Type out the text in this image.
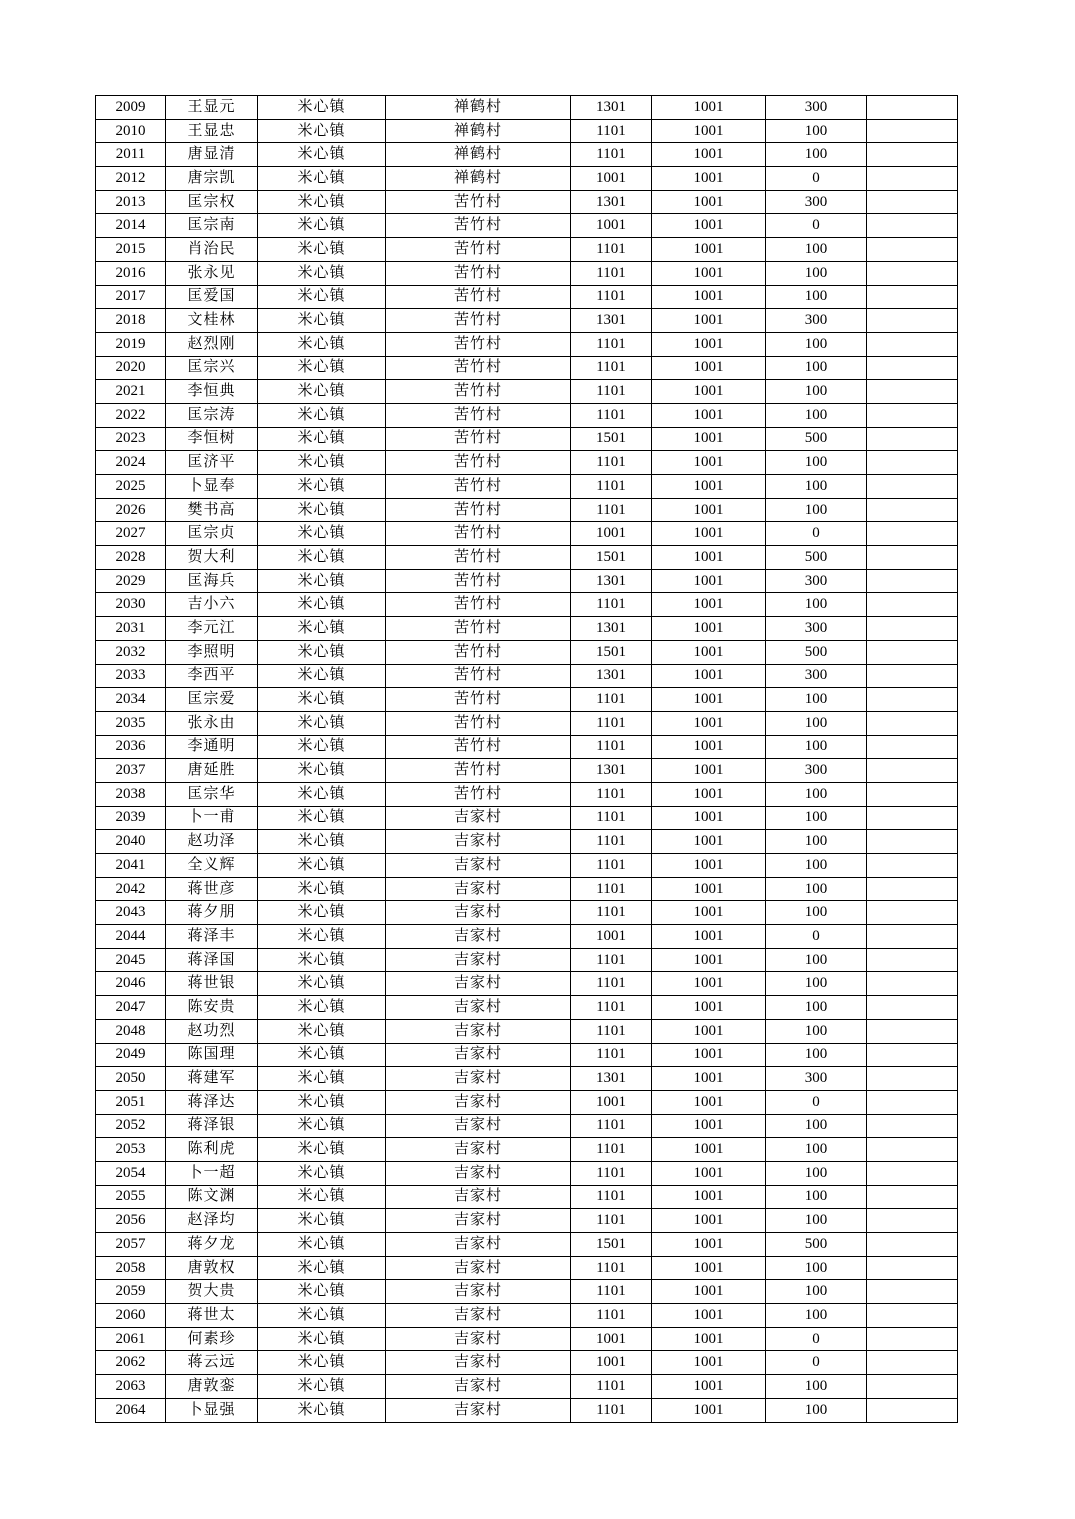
2009	王显元	米心镇	禅鹤村	1301	1001	300	
2010	王显忠	米心镇	禅鹤村	1101	1001	100	
2011	唐显清	米心镇	禅鹤村	1101	1001	100	
2012	唐宗凯	米心镇	禅鹤村	1001	1001	0	
2013	匡宗权	米心镇	苦竹村	1301	1001	300	
2014	匡宗南	米心镇	苦竹村	1001	1001	0	
2015	肖治民	米心镇	苦竹村	1101	1001	100	
2016	张永见	米心镇	苦竹村	1101	1001	100	
2017	匡爱国	米心镇	苦竹村	1101	1001	100	
2018	文桂林	米心镇	苦竹村	1301	1001	300	
2019	赵烈刚	米心镇	苦竹村	1101	1001	100	
2020	匡宗兴	米心镇	苦竹村	1101	1001	100	
2021	李恒典	米心镇	苦竹村	1101	1001	100	
2022	匡宗涛	米心镇	苦竹村	1101	1001	100	
2023	李恒树	米心镇	苦竹村	1501	1001	500	
2024	匡济平	米心镇	苦竹村	1101	1001	100	
2025	卜显奉	米心镇	苦竹村	1101	1001	100	
2026	樊书高	米心镇	苦竹村	1101	1001	100	
2027	匡宗贞	米心镇	苦竹村	1001	1001	0	
2028	贺大利	米心镇	苦竹村	1501	1001	500	
2029	匡海兵	米心镇	苦竹村	1301	1001	300	
2030	吉小六	米心镇	苦竹村	1101	1001	100	
2031	李元江	米心镇	苦竹村	1301	1001	300	
2032	李照明	米心镇	苦竹村	1501	1001	500	
2033	李西平	米心镇	苦竹村	1301	1001	300	
2034	匡宗爱	米心镇	苦竹村	1101	1001	100	
2035	张永由	米心镇	苦竹村	1101	1001	100	
2036	李通明	米心镇	苦竹村	1101	1001	100	
2037	唐延胜	米心镇	苦竹村	1301	1001	300	
2038	匡宗华	米心镇	苦竹村	1101	1001	100	
2039	卜一甫	米心镇	吉家村	1101	1001	100	
2040	赵功泽	米心镇	吉家村	1101	1001	100	
2041	全义辉	米心镇	吉家村	1101	1001	100	
2042	蒋世彦	米心镇	吉家村	1101	1001	100	
2043	蒋夕朋	米心镇	吉家村	1101	1001	100	
2044	蒋泽丰	米心镇	吉家村	1001	1001	0	
2045	蒋泽国	米心镇	吉家村	1101	1001	100	
2046	蒋世银	米心镇	吉家村	1101	1001	100	
2047	陈安贵	米心镇	吉家村	1101	1001	100	
2048	赵功烈	米心镇	吉家村	1101	1001	100	
2049	陈国理	米心镇	吉家村	1101	1001	100	
2050	蒋建军	米心镇	吉家村	1301	1001	300	
2051	蒋泽达	米心镇	吉家村	1001	1001	0	
2052	蒋泽银	米心镇	吉家村	1101	1001	100	
2053	陈利虎	米心镇	吉家村	1101	1001	100	
2054	卜一超	米心镇	吉家村	1101	1001	100	
2055	陈文渊	米心镇	吉家村	1101	1001	100	
2056	赵泽均	米心镇	吉家村	1101	1001	100	
2057	蒋夕龙	米心镇	吉家村	1501	1001	500	
2058	唐敦权	米心镇	吉家村	1101	1001	100	
2059	贺大贵	米心镇	吉家村	1101	1001	100	
2060	蒋世太	米心镇	吉家村	1101	1001	100	
2061	何素珍	米心镇	吉家村	1001	1001	0	
2062	蒋云远	米心镇	吉家村	1001	1001	0	
2063	唐敦銮	米心镇	吉家村	1101	1001	100	
2064	卜显强	米心镇	吉家村	1101	1001	100	
